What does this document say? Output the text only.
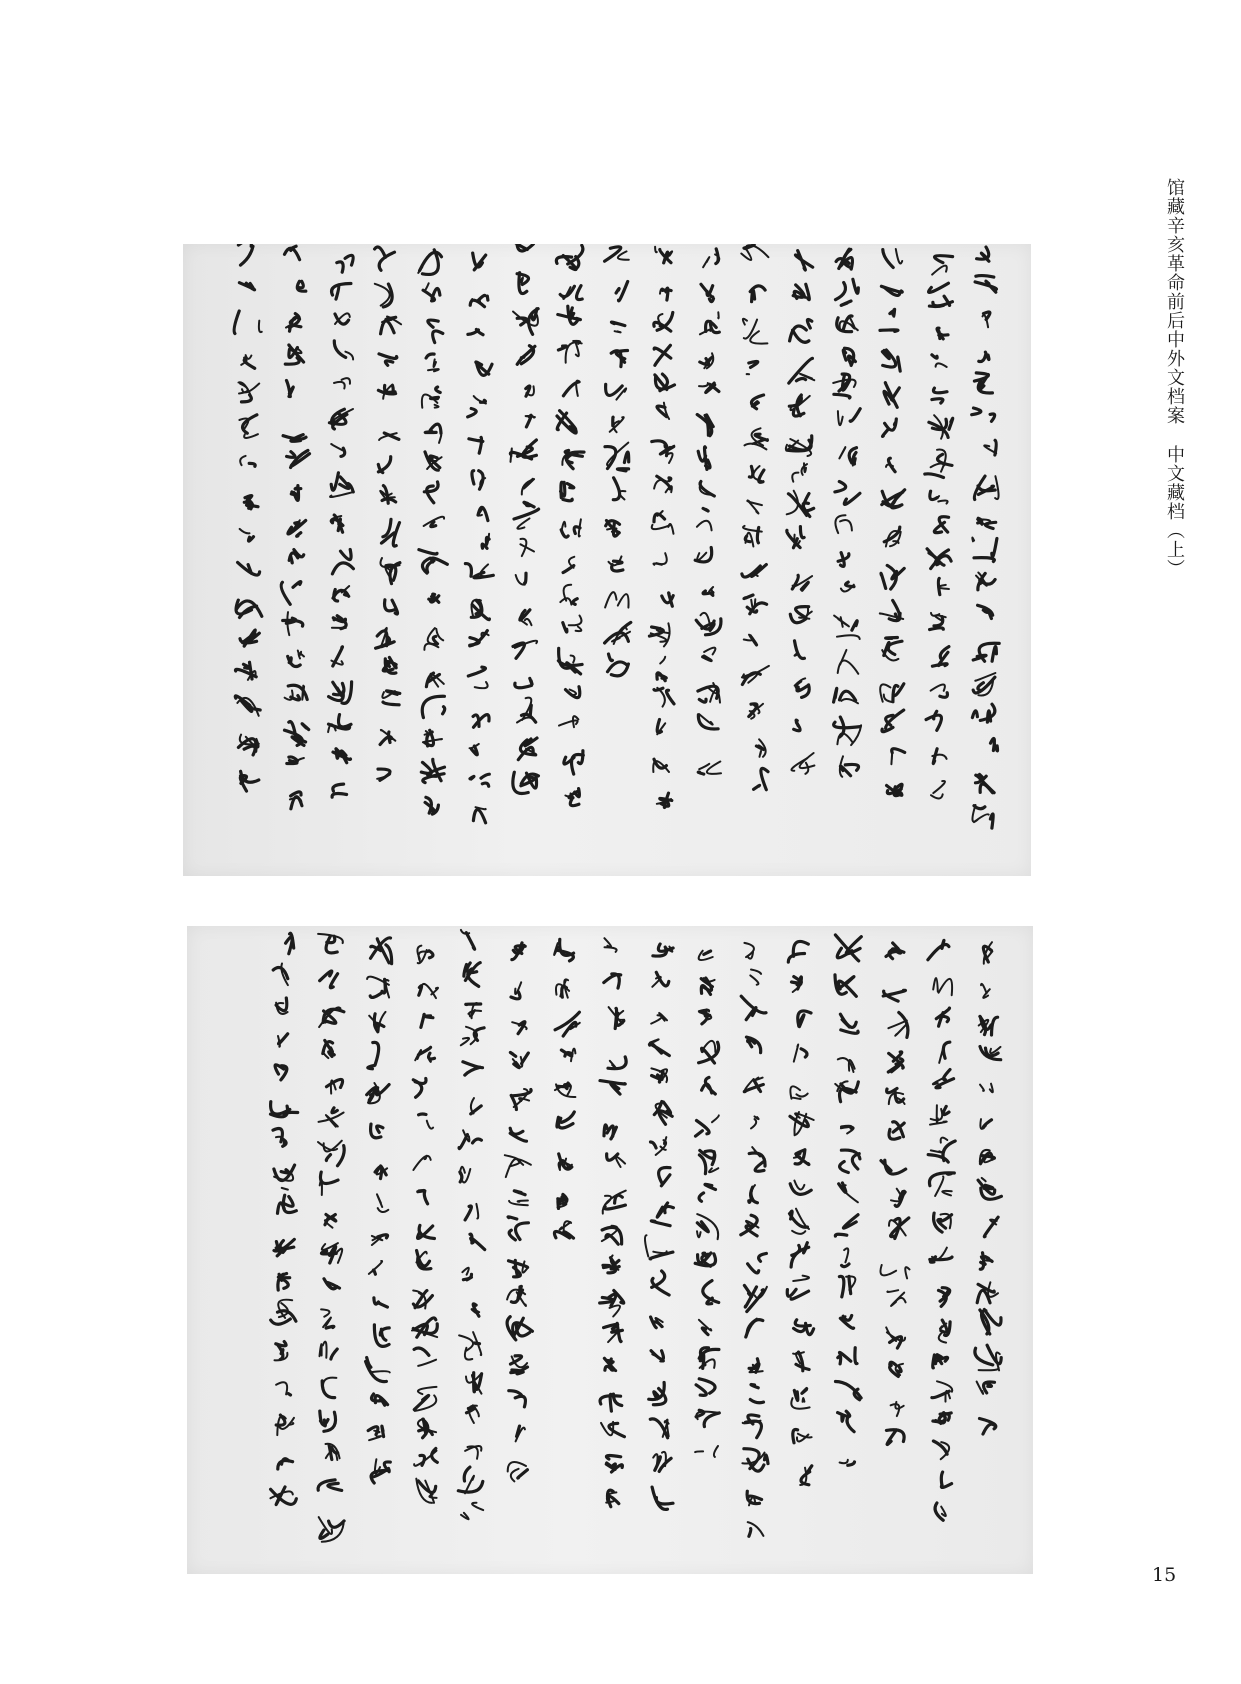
馆藏辛亥革命前后中外文档案中文藏档（上）
15
